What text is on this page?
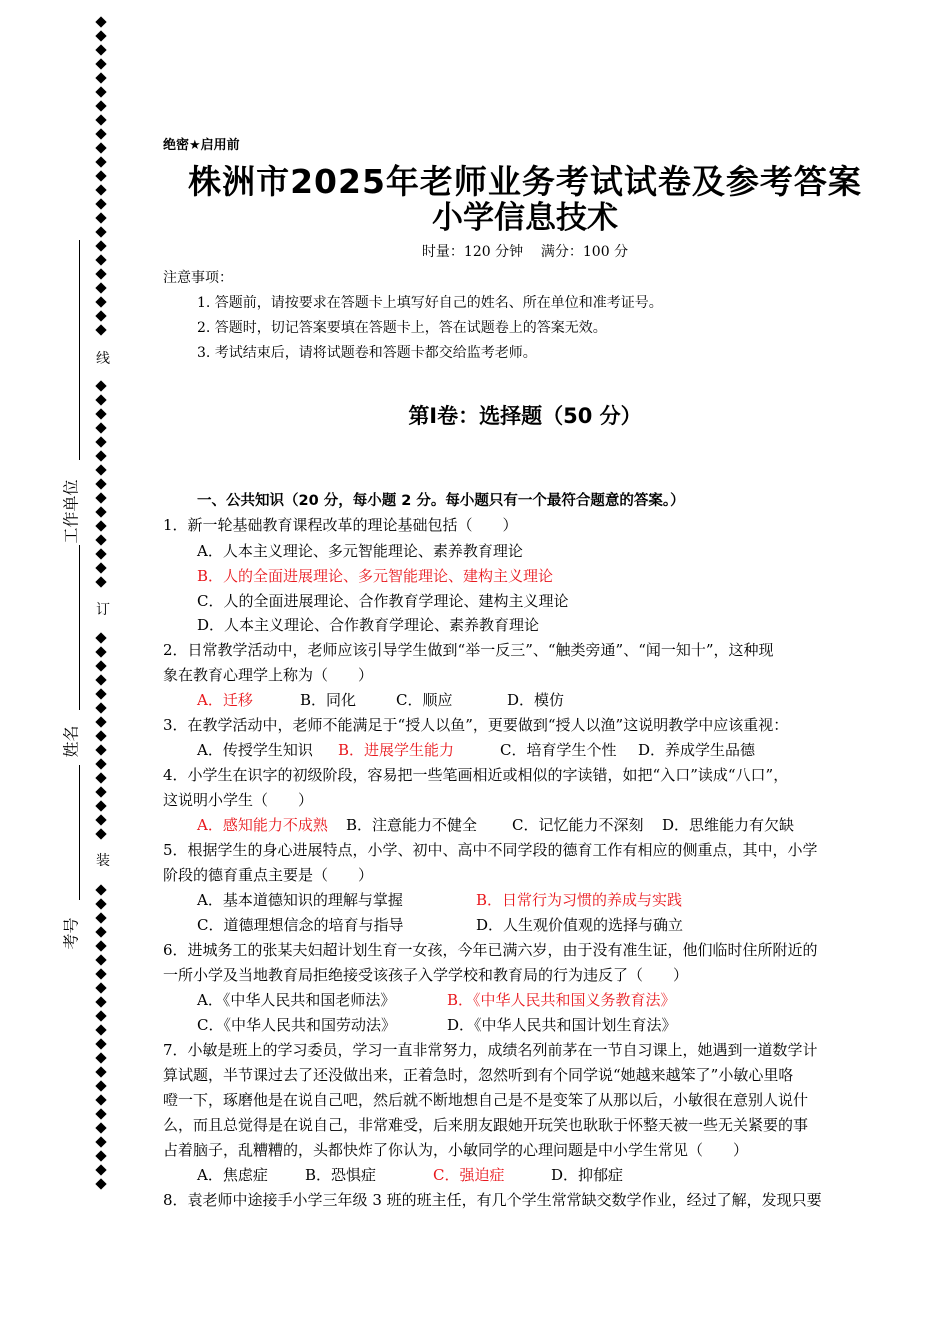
线
订
装
工作单位
姓名
考号
绝密★启用前
株洲市2025年老师业务考试试卷及参考答案
小学信息技术
时量：120 分钟    满分：100 分
注意事项：
1. 答题前，请按要求在答题卡上填写好自己的姓名、所在单位和准考证号。
2. 答题时，切记答案要填在答题卡上，答在试题卷上的答案无效。
3. 考试结束后，请将试题卷和答题卡都交给监考老师。
第Ⅰ卷：选择题（50 分）
一、公共知识（20 分，每小题 2 分。每小题只有一个最符合题意的答案。）
1．新一轮基础教育课程改革的理论基础包括（　　）
A．人本主义理论、多元智能理论、素养教育理论
B．人的全面进展理论、多元智能理论、建构主义理论
C．人的全面进展理论、合作教育学理论、建构主义理论
D．人本主义理论、合作教育学理论、素养教育理论
2．日常教学活动中，老师应该引导学生做到“举一反三”、“触类旁通”、“闻一知十”，这种现
象在教育心理学上称为（　　）
A．迁移	B．同化	C．顺应	D．模仿
3．在教学活动中，老师不能满足于“授人以鱼”，更要做到“授人以渔”这说明教学中应该重视：
A．传授学生知识 B．进展学生能力	C．培育学生个性 D．养成学生品德
4．小学生在识字的初级阶段，容易把一些笔画相近或相似的字读错，如把“入口”读成“八口”，
这说明小学生（　　）
A．感知能力不成熟 B．注意能力不健全 C．记忆能力不深刻 D．思维能力有欠缺
5．根据学生的身心进展特点，小学、初中、高中不同学段的德育工作有相应的侧重点，其中，小学
阶段的德育重点主要是（　　）
A．基本道德知识的理解与掌握	B．日常行为习惯的养成与实践
C．道德理想信念的培育与指导	D．人生观价值观的选择与确立
6．进城务工的张某夫妇超计划生育一女孩，今年已满六岁，由于没有准生证，他们临时住所附近的
一所小学及当地教育局拒绝接受该孩子入学学校和教育局的行为违反了（　　）
A．《中华人民共和国老师法》	B．《中华人民共和国义务教育法》
C．《中华人民共和国劳动法》	D．《中华人民共和国计划生育法》
7．小敏是班上的学习委员，学习一直非常努力，成绩名列前茅在一节自习课上，她遇到一道数学计
算试题，半节课过去了还没做出来，正着急时，忽然听到有个同学说“她越来越笨了”小敏心里咯
噔一下，琢磨他是在说自己吧，然后就不断地想自己是不是变笨了从那以后，小敏很在意别人说什
么，而且总觉得是在说自己，非常难受，后来朋友跟她开玩笑也耿耿于怀整天被一些无关紧要的事
占着脑子，乱糟糟的，头都快炸了你认为，小敏同学的心理问题是中小学生常见（　　）
A．焦虑症 B．恐惧症	C．强迫症	D．抑郁症
8．袁老师中途接手小学三年级 3 班的班主任，有几个学生常常缺交数学作业，经过了解，发现只要
